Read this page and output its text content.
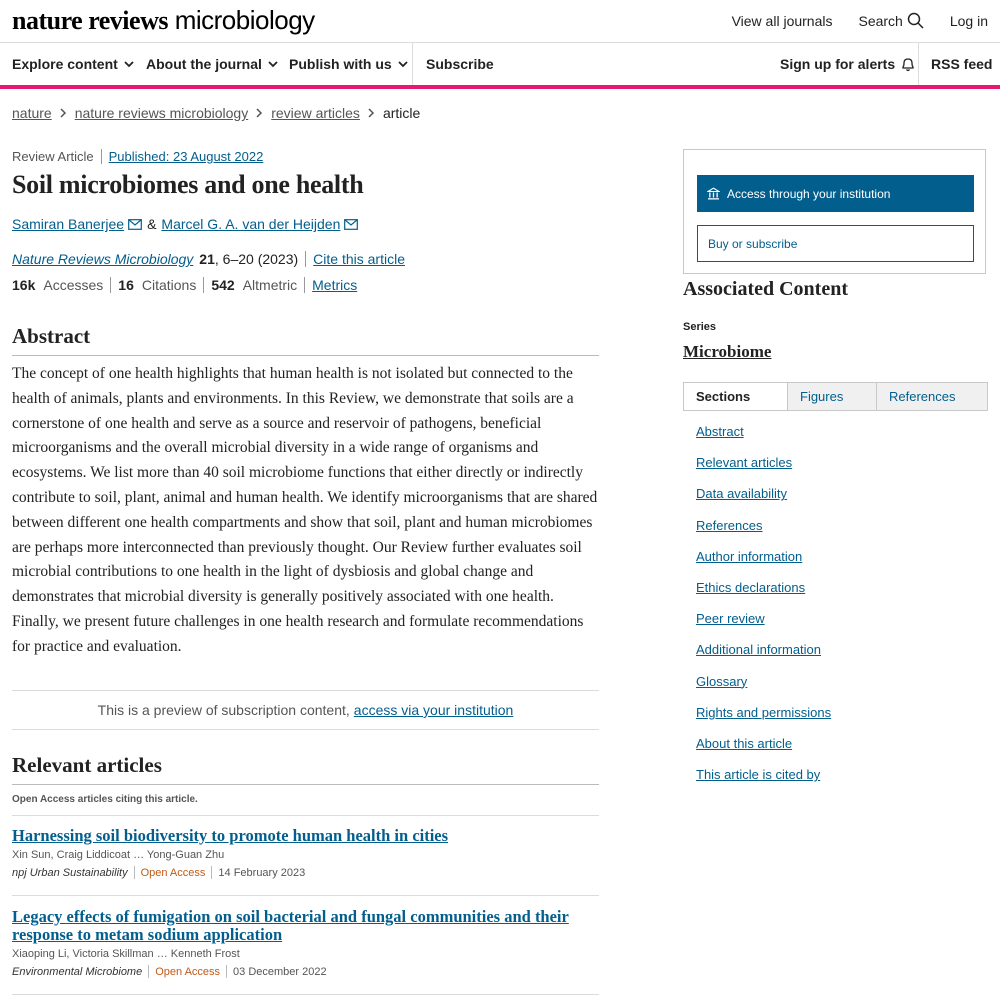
nature reviews microbiology	View all journals Search	Log in
Explore content About the journal Publish with us Subscribe	Sign up for alerts	RSS feed
nature nature reviews microbiology review articles article
Review Article Published: 23 August 2022
Soil microbiomes and one health
Samiran Banerjee & Marcel G. A. van der Heijden
Nature Reviews Microbiology 21 , 6–20 (2023) Cite this article
16k Accesses 16 Citations 542 Altmetric Metrics
Abstract

The concept of one health highlights that human health is not isolated but connected to the health of animals, plants and environments. In this Review, we demonstrate that soils are a cornerstone of one health and serve as a source and reservoir of pathogens, beneficial microorganisms and the overall microbial diversity in a wide range of organisms and ecosystems. We list more than 40 soil microbiome functions that either directly or indirectly contribute to soil, plant, animal and human health. We identify microorganisms that are shared between different one health compartments and show that soil, plant and human microbiomes are perhaps more interconnected than previously thought. Our Review further evaluates soil microbial contributions to one health in the light of dysbiosis and global change and demonstrates that microbial diversity is generally positively associated with one health. Finally, we present future challenges in one health research and formulate recommendations for practice and evaluation.

This is a preview of subscription content, access via your institution
Relevant articles
Open Access articles citing this article.
Harnessing soil biodiversity to promote human health in cities
Xin Sun, Craig Liddicoat … Yong-Guan Zhu
npj Urban Sustainability Open Access 14 February 2023
Legacy effects of fumigation on soil bacterial and fungal communities and their response to metam sodium application
Xiaoping Li, Victoria Skillman … Kenneth Frost
Environmental Microbiome Open Access 03 December 2022
Access through your institution
Buy or subscribe
Associated Content
Series
Microbiome
Sections	Figures	References
Abstract
Relevant articles
Data availability
References
Author information
Ethics declarations
Peer review
Additional information
Glossary
Rights and permissions
About this article
This article is cited by
